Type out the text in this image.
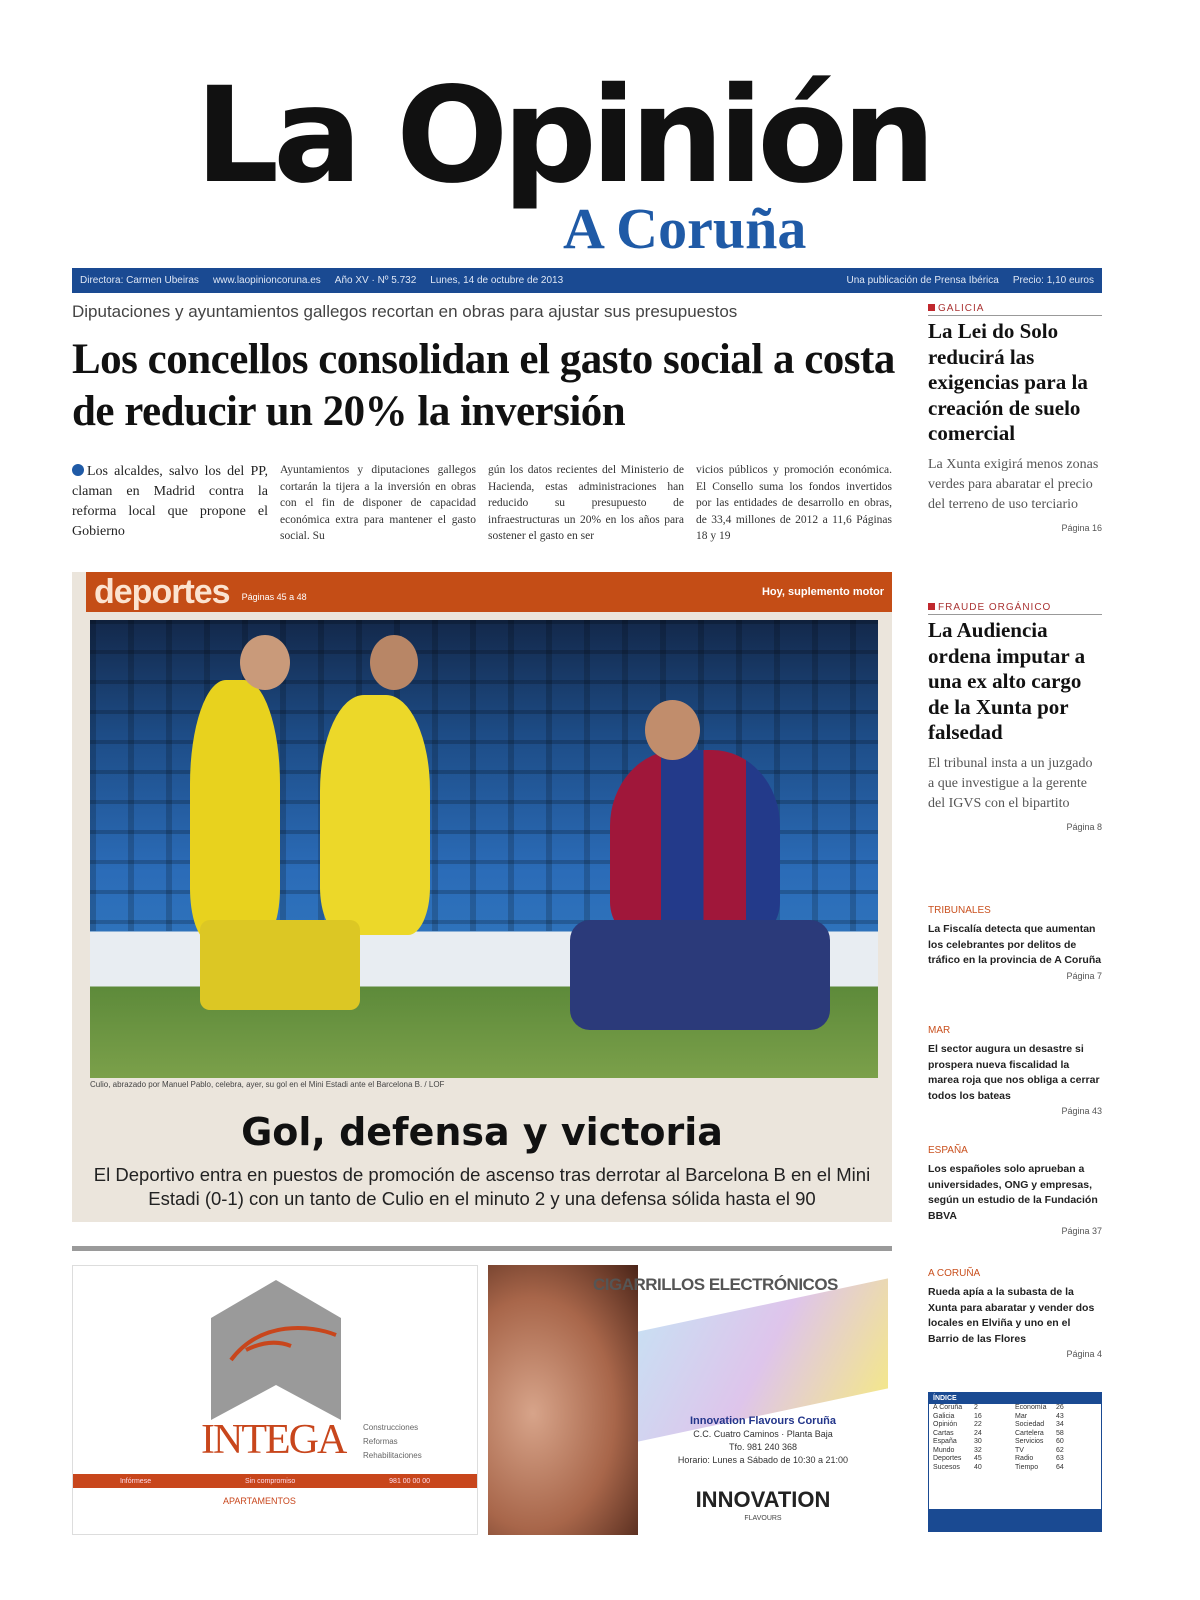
La Opinión
A Coruña
Directora: Carmen Ubeiras www.laopinioncoruna.es Año XV · Nº 5.732 Lunes, 14 de octubre de 2013	Una publicación de Prensa Ibérica Precio: 1,10 euros
Diputaciones y ayuntamientos gallegos recortan en obras para ajustar sus presupuestos
Los concellos consolidan el gasto social a costa de reducir un 20% la inversión
Los alcaldes, salvo los del PP, claman en Madrid contra la reforma local que propone el Gobierno
Ayuntamientos y diputaciones gallegos cortarán la tijera a la inversión en obras con el fin de disponer de capacidad económica extra para mantener el gasto social. Su
gún los datos recientes del Ministerio de Hacienda, estas administraciones han reducido su presupuesto de infraestructuras un 20% en los años para sostener el gasto en ser
vicios públicos y promoción económica. El Consello suma los fondos invertidos por las entidades de desarrollo en obras, de 33,4 millones de 2012 a 11,6 Páginas 18 y 19
deportes Páginas 45 a 48	Hoy, suplemento motor
Culio, abrazado por Manuel Pablo, celebra, ayer, su gol en el Mini Estadi ante el Barcelona B. / LOF
Gol, defensa y victoria
El Deportivo entra en puestos de promoción de ascenso tras derrotar al Barcelona B en el Mini Estadi (0-1) con un tanto de Culio en el minuto 2 y una defensa sólida hasta el 90
INTEGA Construcciones
Reformas
Rehabilitaciones
Infórmese	Sin compromiso	981 00 00 00
APARTAMENTOS
CIGARRILLOS ELECTRÓNICOS
Innovation Flavours Coruña
C.C. Cuatro Caminos · Planta Baja
Tfo. 981 240 368
Horario: Lunes a Sábado de 10:30 a 21:00
INNOVATION
FLAVOURS
GALICIA
La Lei do Solo reducirá las exigencias para la creación de suelo comercial
La Xunta exigirá menos zonas verdes para abaratar el precio del terreno de uso terciario
Página 16
FRAUDE ORGÁNICO
La Audiencia ordena imputar a una ex alto cargo de la Xunta por falsedad
El tribunal insta a un juzgado a que investigue a la gerente del IGVS con el bipartito
Página 8
TRIBUNALES
La Fiscalía detecta que aumentan los celebrantes por delitos de tráfico en la provincia de A Coruña
Página 7
MAR
El sector augura un desastre si prospera nueva fiscalidad la marea roja que nos obliga a cerrar todos los bateas
Página 43
ESPAÑA
Los españoles solo aprueban a universidades, ONG y empresas, según un estudio de la Fundación BBVA
Página 37
A CORUÑA
Rueda apía a la subasta de la Xunta para abaratar y vender dos locales en Elviña y uno en el Barrio de las Flores
Página 4
ÍNDICE
A Coruña	2	Economía	26
Galicia	16	Mar	43
Opinión	22	Sociedad	34
Cartas	24	Cartelera	58
España	30	Servicios	60
Mundo	32	TV	62
Deportes	45	Radio	63
Sucesos	40	Tiempo	64
